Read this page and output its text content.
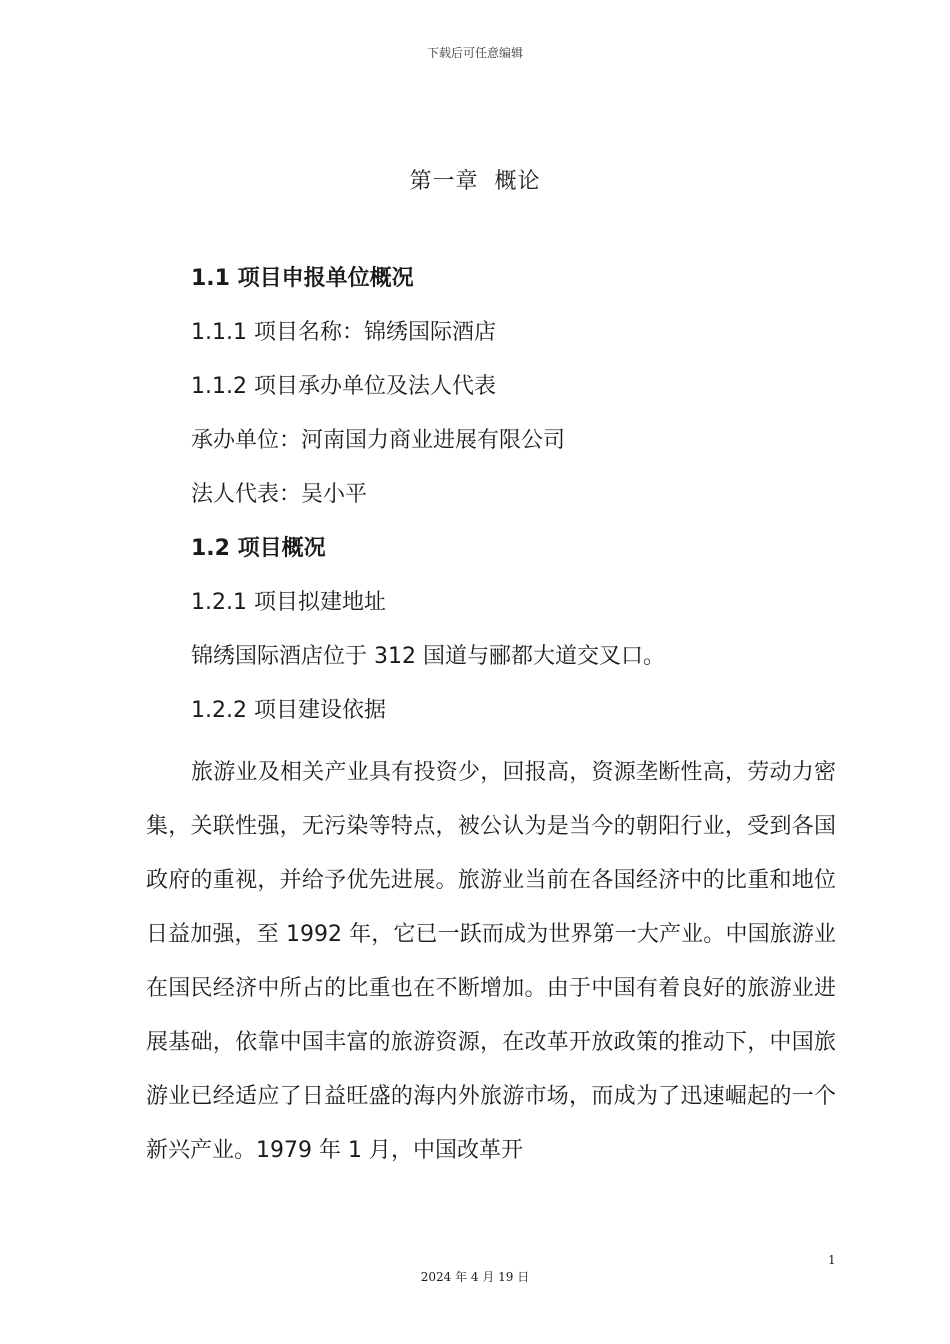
下载后可任意编辑
第一章  概论
1.1 项目申报单位概况
1.1.1 项目名称：锦绣国际酒店
1.1.2 项目承办单位及法人代表
承办单位：河南国力商业进展有限公司
法人代表：吴小平
1.2 项目概况
1.2.1 项目拟建地址
锦绣国际酒店位于 312 国道与郦都大道交叉口。
1.2.2 项目建设依据

旅游业及相关产业具有投资少，回报高，资源垄断性高，劳动力密集，关联性强，无污染等特点，被公认为是当今的朝阳行业，受到各国政府的重视，并给予优先进展。旅游业当前在各国经济中的比重和地位日益加强，至 1992 年，它已一跃而成为世界第一大产业。中国旅游业在国民经济中所占的比重也在不断增加。由于中国有着良好的旅游业进展基础，依靠中国丰富的旅游资源，在改革开放政策的推动下，中国旅游业已经适应了日益旺盛的海内外旅游市场，而成为了迅速崛起的一个新兴产业。1979 年 1 月，中国改革开

1
2024 年 4 月 19 日
